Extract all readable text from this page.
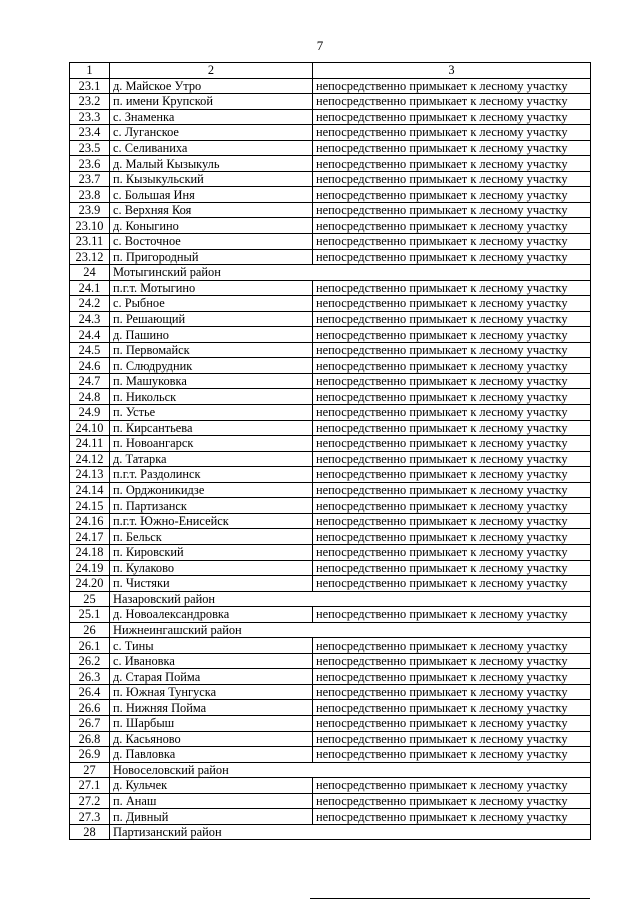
7
1	2	3
23.1	д. Майское Утро	непосредственно примыкает к лесному участку
23.2	п. имени Крупской	непосредственно примыкает к лесному участку
23.3	с. Знаменка	непосредственно примыкает к лесному участку
23.4	с. Луганское	непосредственно примыкает к лесному участку
23.5	с. Селиваниха	непосредственно примыкает к лесному участку
23.6	д. Малый Кызыкуль	непосредственно примыкает к лесному участку
23.7	п. Кызыкульский	непосредственно примыкает к лесному участку
23.8	с. Большая Иня	непосредственно примыкает к лесному участку
23.9	с. Верхняя Коя	непосредственно примыкает к лесному участку
23.10	д. Коныгино	непосредственно примыкает к лесному участку
23.11	с. Восточное	непосредственно примыкает к лесному участку
23.12	п. Пригородный	непосредственно примыкает к лесному участку
24	Мотыгинский район	
24.1	п.г.т. Мотыгино	непосредственно примыкает к лесному участку
24.2	с. Рыбное	непосредственно примыкает к лесному участку
24.3	п. Решающий	непосредственно примыкает к лесному участку
24.4	д. Пашино	непосредственно примыкает к лесному участку
24.5	п. Первомайск	непосредственно примыкает к лесному участку
24.6	п. Слюдрудник	непосредственно примыкает к лесному участку
24.7	п. Машуковка	непосредственно примыкает к лесному участку
24.8	п. Никольск	непосредственно примыкает к лесному участку
24.9	п. Устье	непосредственно примыкает к лесному участку
24.10	п. Кирсантьева	непосредственно примыкает к лесному участку
24.11	п. Новоангарск	непосредственно примыкает к лесному участку
24.12	д. Татарка	непосредственно примыкает к лесному участку
24.13	п.г.т. Раздолинск	непосредственно примыкает к лесному участку
24.14	п. Орджоникидзе	непосредственно примыкает к лесному участку
24.15	п. Партизанск	непосредственно примыкает к лесному участку
24.16	п.г.т. Южно-Енисейск	непосредственно примыкает к лесному участку
24.17	п. Бельск	непосредственно примыкает к лесному участку
24.18	п. Кировский	непосредственно примыкает к лесному участку
24.19	п. Кулаково	непосредственно примыкает к лесному участку
24.20	п. Чистяки	непосредственно примыкает к лесному участку
25	Назаровский район	
25.1	д. Новоалександровка	непосредственно примыкает к лесному участку
26	Нижнеингашский район	
26.1	с. Тины	непосредственно примыкает к лесному участку
26.2	с. Ивановка	непосредственно примыкает к лесному участку
26.3	д. Старая Пойма	непосредственно примыкает к лесному участку
26.4	п. Южная Тунгуска	непосредственно примыкает к лесному участку
26.6	п. Нижняя Пойма	непосредственно примыкает к лесному участку
26.7	п. Шарбыш	непосредственно примыкает к лесному участку
26.8	д. Касьяново	непосредственно примыкает к лесному участку
26.9	д. Павловка	непосредственно примыкает к лесному участку
27	Новоселовский район	
27.1	д. Кульчек	непосредственно примыкает к лесному участку
27.2	п. Анаш	непосредственно примыкает к лесному участку
27.3	п. Дивный	непосредственно примыкает к лесному участку
28	Партизанский район	
